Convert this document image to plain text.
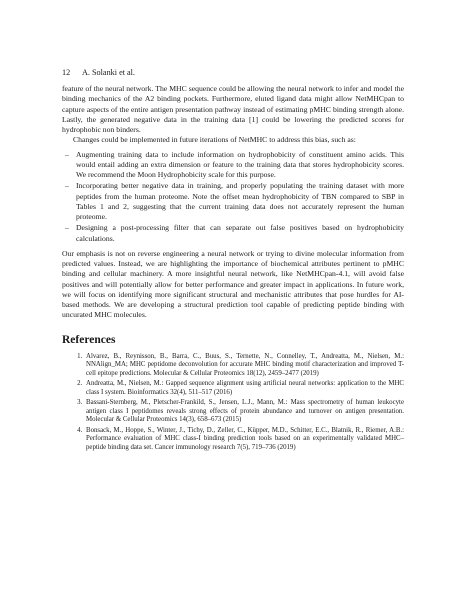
12 A. Solanki et al.

feature of the neural network. The MHC sequence could be allowing the neural network to infer and model the binding mechanics of the A2 binding pockets. Furthermore, eluted ligand data might allow NetMHCpan to capture aspects of the entire antigen presentation pathway instead of estimating pMHC binding strength alone. Lastly, the generated negative data in the training data [1] could be lowering the predicted scores for hydrophobic non binders.

Changes could be implemented in future iterations of NetMHC to address this bias, such as:

– Augmenting training data to include information on hydrophobicity of constituent amino acids. This would entail adding an extra dimension or feature to the training data that stores hydrophobicity scores. We recommend the Moon Hydrophobicity scale for this purpose.
– Incorporating better negative data in training, and properly populating the training dataset with more peptides from the human proteome. Note the offset mean hydrophobicity of TBN compared to SBP in Tables 1 and 2, suggesting that the current training data does not accurately represent the human proteome.
– Designing a post-processing filter that can separate out false positives based on hydrophobicity calculations.

Our emphasis is not on reverse engineering a neural network or trying to divine molecular information from predicted values. Instead, we are highlighting the importance of biochemical attributes pertinent to pMHC binding and cellular machinery. A more insightful neural network, like NetMHCpan-4.1, will avoid false positives and will potentially allow for better performance and greater impact in applications. In future work, we will focus on identifying more significant structural and mechanistic attributes that pose hurdles for AI-based methods. We are developing a structural prediction tool capable of predicting peptide binding with uncurated MHC molecules.

References
1. Alvarez, B., Reynisson, B., Barra, C., Buus, S., Ternette, N., Connelley, T., Andreatta, M., Nielsen, M.: NNAlign_MA; MHC peptidome deconvolution for accurate MHC binding motif characterization and improved T-cell epitope predictions. Molecular & Cellular Proteomics 18(12), 2459–2477 (2019)
2. Andreatta, M., Nielsen, M.: Gapped sequence alignment using artificial neural networks: application to the MHC class I system. Bioinformatics 32(4), 511–517 (2016)
3. Bassani-Sternberg, M., Pletscher-Frankild, S., Jensen, L.J., Mann, M.: Mass spectrometry of human leukocyte antigen class I peptidomes reveals strong effects of protein abundance and turnover on antigen presentation. Molecular & Cellular Proteomics 14(3), 658–673 (2015)
4. Bonsack, M., Hoppe, S., Winter, J., Tichy, D., Zeller, C., Küpper, M.D., Schitter, E.C., Blatnik, R., Riemer, A.B.: Performance evaluation of MHC class-I binding prediction tools based on an experimentally validated MHC–peptide binding data set. Cancer immunology research 7(5), 719–736 (2019)
